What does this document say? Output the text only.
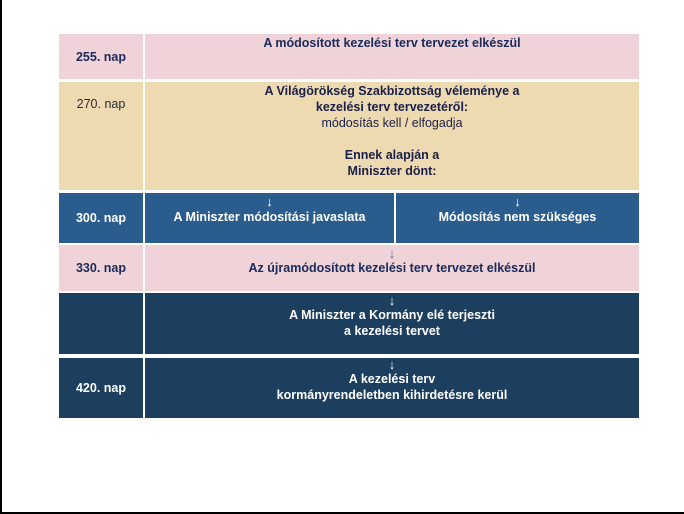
255. nap
A módosított kezelési terv tervezet elkészül
270. nap
A Világörökség Szakbizottság véleménye a
kezelési terv tervezetéről:
módosítás kell / elfogadja
Ennek alapján a
Miniszter dönt:
300. nap
↓
A Miniszter módosítási javaslata
↓
Módosítás nem szükséges
330. nap
↓
Az újramódosított kezelési terv tervezet elkészül
↓
A Miniszter a Kormány elé terjeszti
a kezelési tervet
420. nap
↓
A kezelési terv
kormányrendeletben kihirdetésre kerül
